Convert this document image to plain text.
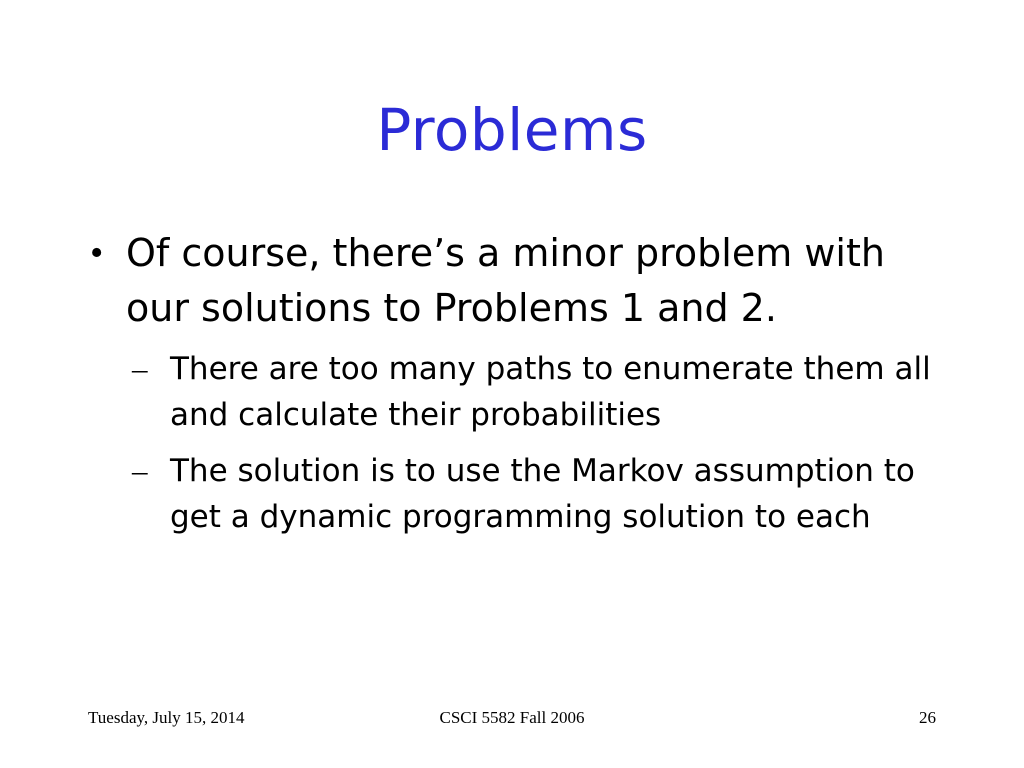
Problems
• Of course, there’s a minor problem with our solutions to Problems 1 and 2.
– There are too many paths to enumerate them all and calculate their probabilities
– The solution is to use the Markov assumption to get a dynamic programming solution to each
Tuesday, July 15, 2014	CSCI 5582 Fall 2006	26
